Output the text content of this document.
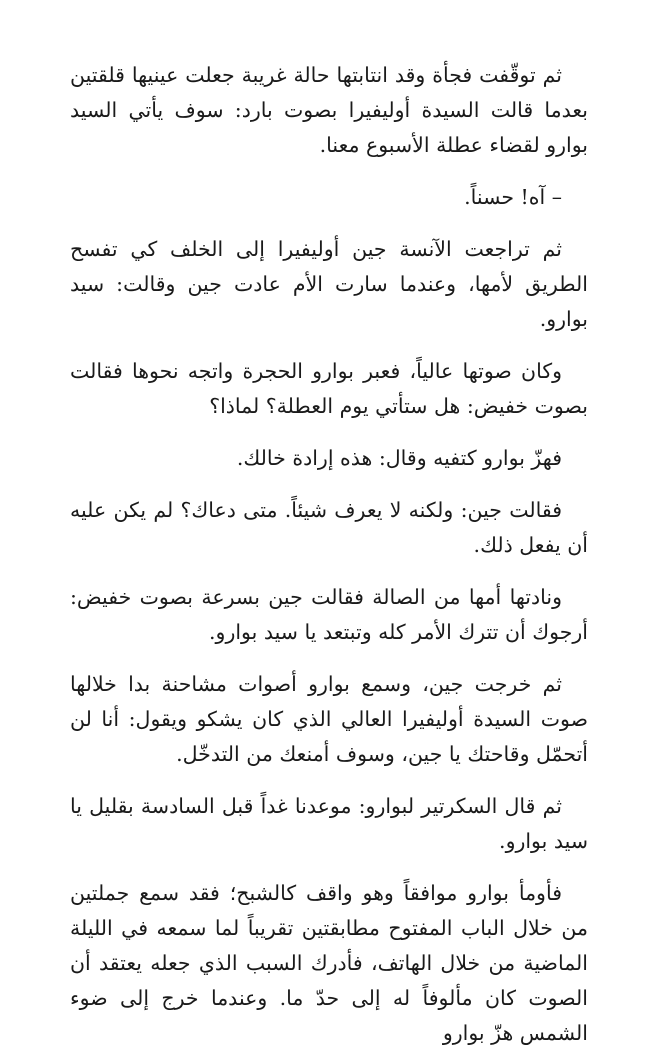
ثم توقّفت فجأة وقد انتابتها حالة غريبة جعلت عينيها قلقتين بعدما قالت السيدة أوليفيرا بصوت بارد: سوف يأتي السيد بوارو لقضاء عطلة الأسبوع معنا.

– آه! حسناً.

ثم تراجعت الآنسة جين أوليفيرا إلى الخلف كي تفسح الطريق لأمها، وعندما سارت الأم عادت جين وقالت: سيد بوارو.

وكان صوتها عالياً، فعبر بوارو الحجرة واتجه نحوها فقالت بصوت خفيض: هل ستأتي يوم العطلة؟ لماذا؟

فهزّ بوارو كتفيه وقال: هذه إرادة خالك.

فقالت جين: ولكنه لا يعرف شيئاً. متى دعاك؟ لم يكن عليه أن يفعل ذلك.

ونادتها أمها من الصالة فقالت جين بسرعة بصوت خفيض: أرجوك أن تترك الأمر كله وتبتعد يا سيد بوارو.

ثم خرجت جين، وسمع بوارو أصوات مشاحنة بدا خلالها صوت السيدة أوليفيرا العالي الذي كان يشكو ويقول: أنا لن أتحمّل وقاحتك يا جين، وسوف أمنعك من التدخّل.

ثم قال السكرتير لبوارو: موعدنا غداً قبل السادسة بقليل يا سيد بوارو.

فأومأ بوارو موافقاً وهو واقف كالشبح؛ فقد سمع جملتين من خلال الباب المفتوح مطابقتين تقريباً لما سمعه في الليلة الماضية من خلال الهاتف، فأدرك السبب الذي جعله يعتقد أن الصوت كان مألوفاً له إلى حدّ ما. وعندما خرج إلى ضوء الشمس هزّ بوارو
